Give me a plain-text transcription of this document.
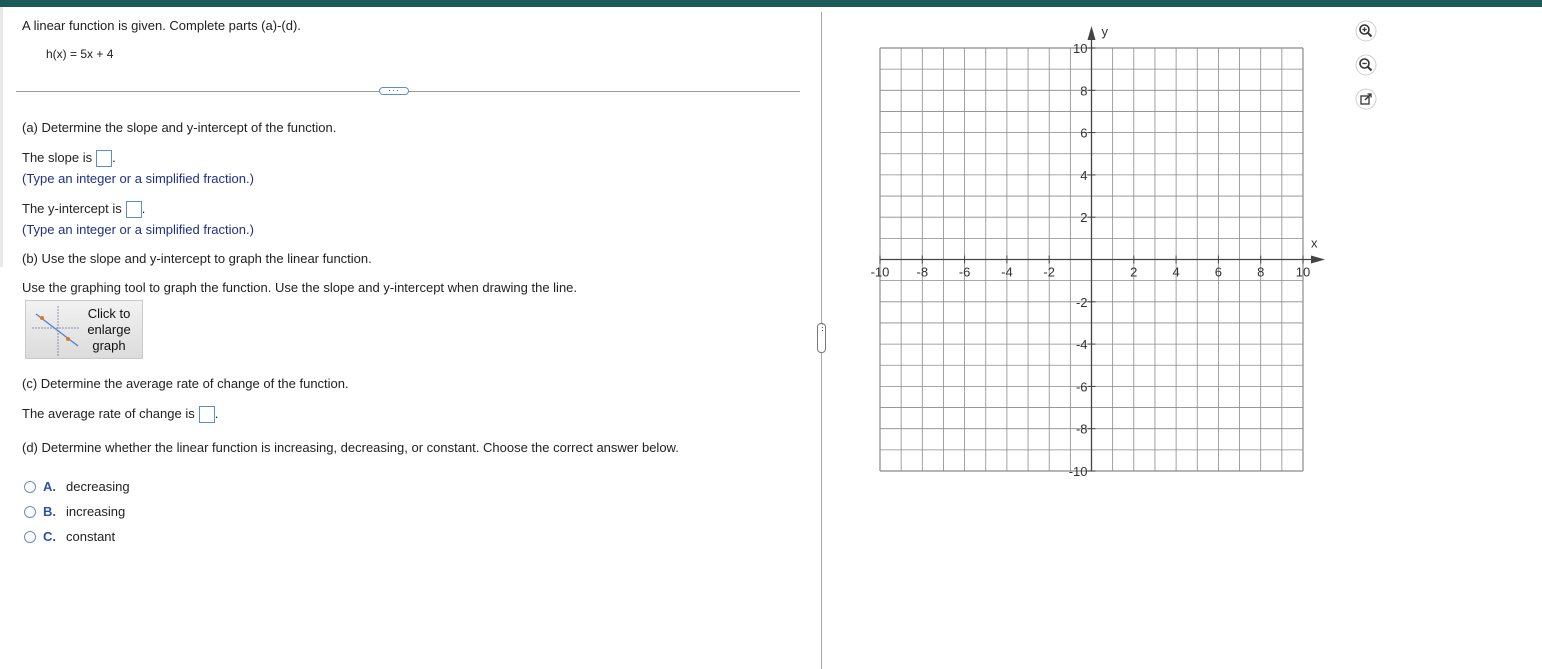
A linear function is given. Complete parts (a)-(d).
h(x) = 5x + 4
···
(a) Determine the slope and y-intercept of the function.
The slope is .
(Type an integer or a simplified fraction.)
The y-intercept is .
(Type an integer or a simplified fraction.)
(b) Use the slope and y-intercept to graph the linear function.
Use the graphing tool to graph the function. Use the slope and y-intercept when drawing the line.
Click to enlarge graph
(c) Determine the average rate of change of the function.
The average rate of change is .
(d) Determine whether the linear function is increasing, decreasing, or constant. Choose the correct answer below.
A. decreasing
B. increasing
C. constant
⋮
-10 -8 -6 -4 -2	2	4	6	8 10
10
8
6
4
2
-2
-4
-6
-8
-10
x
y
